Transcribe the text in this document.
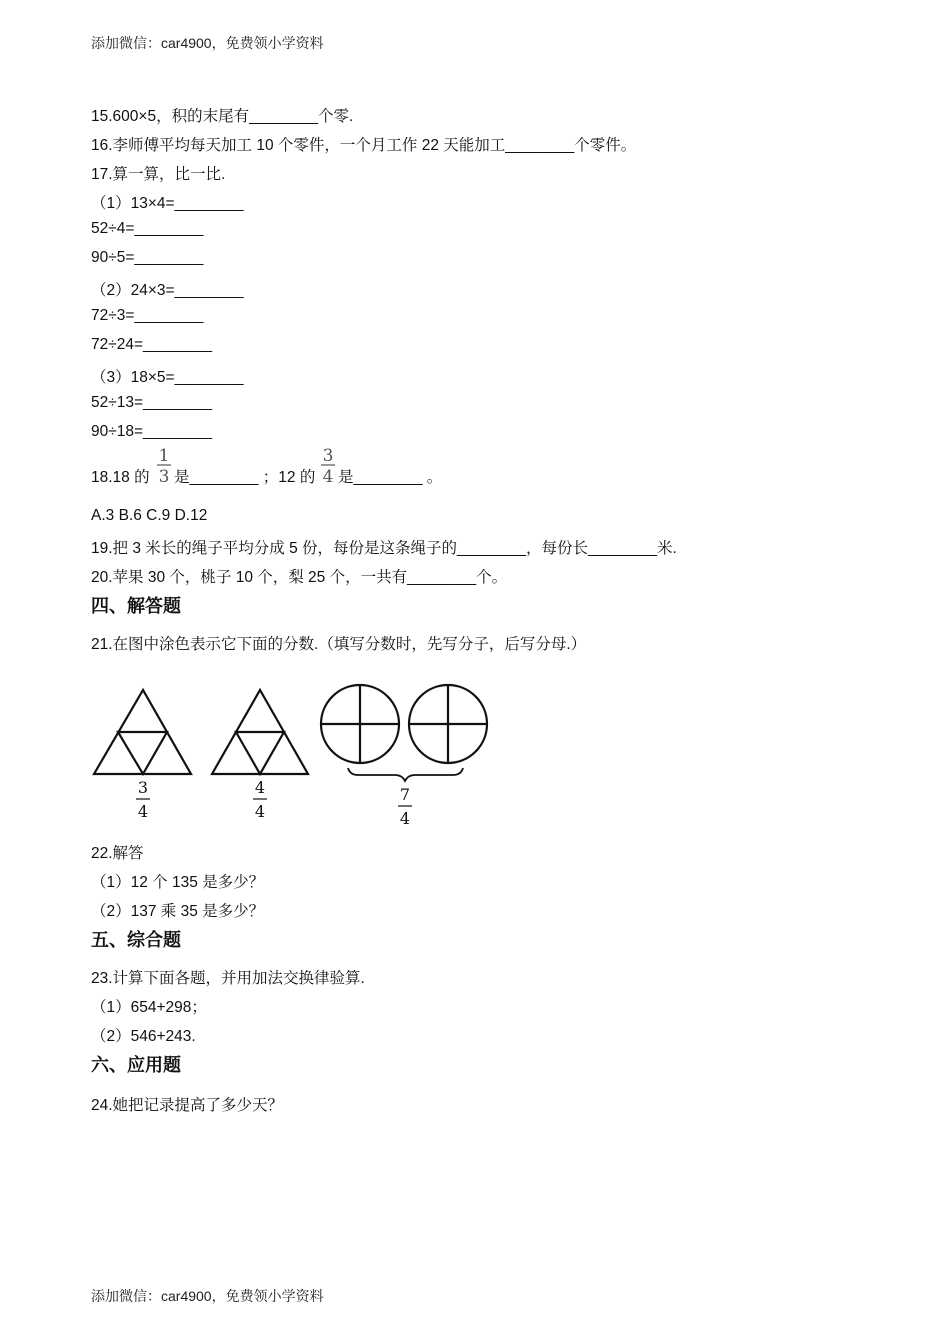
添加微信：car4900，免费领小学资料
15.600×5，积的末尾有________个零.
16.李师傅平均每天加工 10 个零件，一个月工作 22 天能加工________个零件。
17.算一算，比一比.
（1）13×4=________
52÷4=________
90÷5=________
（2）24×3=________
72÷3=________
72÷24=________
（3）18×5=________
52÷13=________
90÷18=________
18.18 的
1
3 是________ ；12 的
3
4 是________ 。
A.3 B.6 C.9 D.12
19.把 3 米长的绳子平均分成 5 份，每份是这条绳子的________，每份长________米.
20.苹果 30 个，桃子 10 个，梨 25 个，一共有________个。
四、解答题
21.在图中涂色表示它下面的分数.（填写分数时，先写分子，后写分母.）
3
4
4
4
7
4
22.解答
（1）12 个 135 是多少？
（2）137 乘 35 是多少？
五、综合题
23.计算下面各题，并用加法交换律验算.
（1）654+298；
（2）546+243.
六、应用题
24.她把记录提高了多少天？
添加微信：car4900，免费领小学资料
